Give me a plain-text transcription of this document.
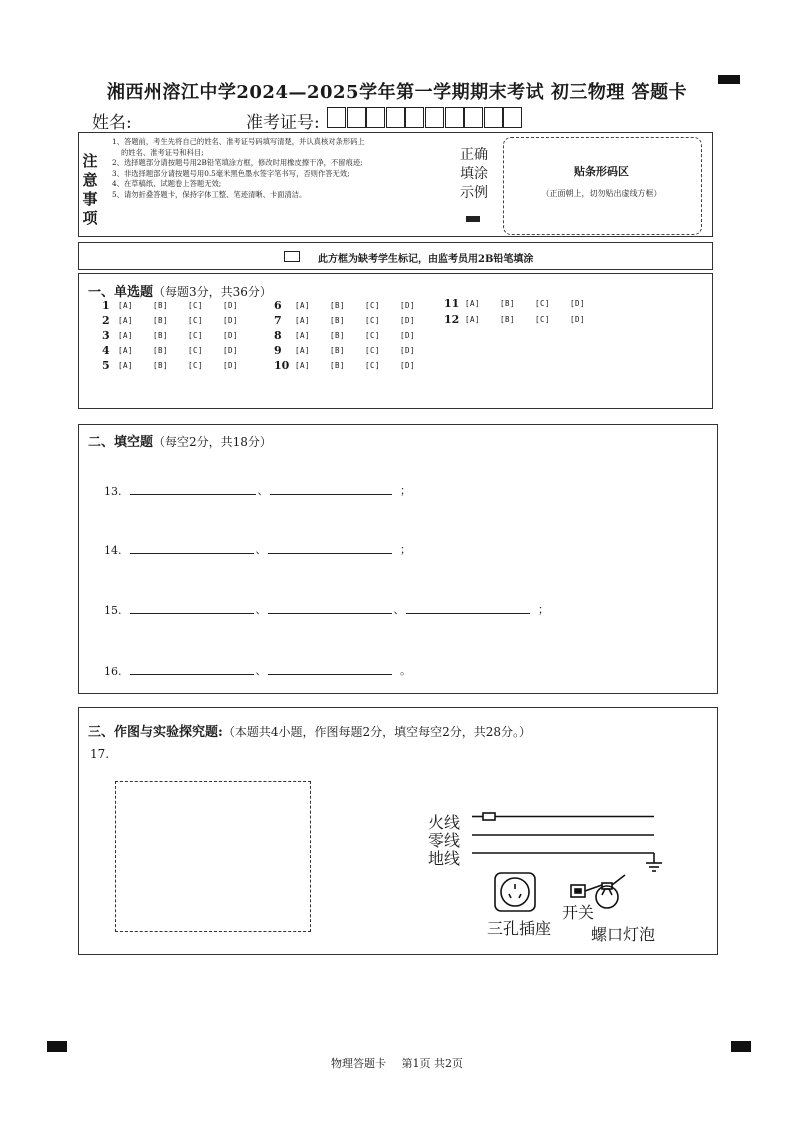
湘西州溶江中学2024—2025学年第一学期期末考试 初三物理 答题卡
姓名:	准考证号:
注
意
事
项
1、答题前，考生先将自己的姓名、准考证号码填写清楚，并认真核对条形码上
的姓名、准考证号和科目;
2、选择题部分请按题号用2B铅笔填涂方框，修改时用橡皮擦干净，不留痕迹;
3、非选择题部分请按题号用0.5毫米黑色墨水签字笔书写，否则作答无效;
4、在草稿纸、试题卷上答题无效;
5、请勿折叠答题卡，保持字体工整、笔迹清晰、卡面清洁。
正确
填涂
示例
贴条形码区
（正面朝上，切勿贴出虚线方框）
此方框为缺考学生标记，由监考员用2B铅笔填涂
一、单选题（每题3分，共36分）
1	[A]	[B]	[C]	[D]
2	[A]	[B]	[C]	[D]
3	[A]	[B]	[C]	[D]
4	[A]	[B]	[C]	[D]
5	[A]	[B]	[C]	[D]
6	[A]	[B]	[C]	[D]
7	[A]	[B]	[C]	[D]
8	[A]	[B]	[C]	[D]
9	[A]	[B]	[C]	[D]
10 [A]	[B]	[C]	[D]
11 [A]	[B]	[C]	[D]
12 [A]	[B]	[C]	[D]
二、填空题（每空2分，共18分）
13.	、	；
14.	、	；
15.	、	、	；
16.	、	。
三、作图与实验探究题:（本题共4小题，作图每题2分，填空每空2分，共28分。）
17.
火线
零线
地线
三孔插座
开关
螺口灯泡
物理答题卡 第1页 共2页
